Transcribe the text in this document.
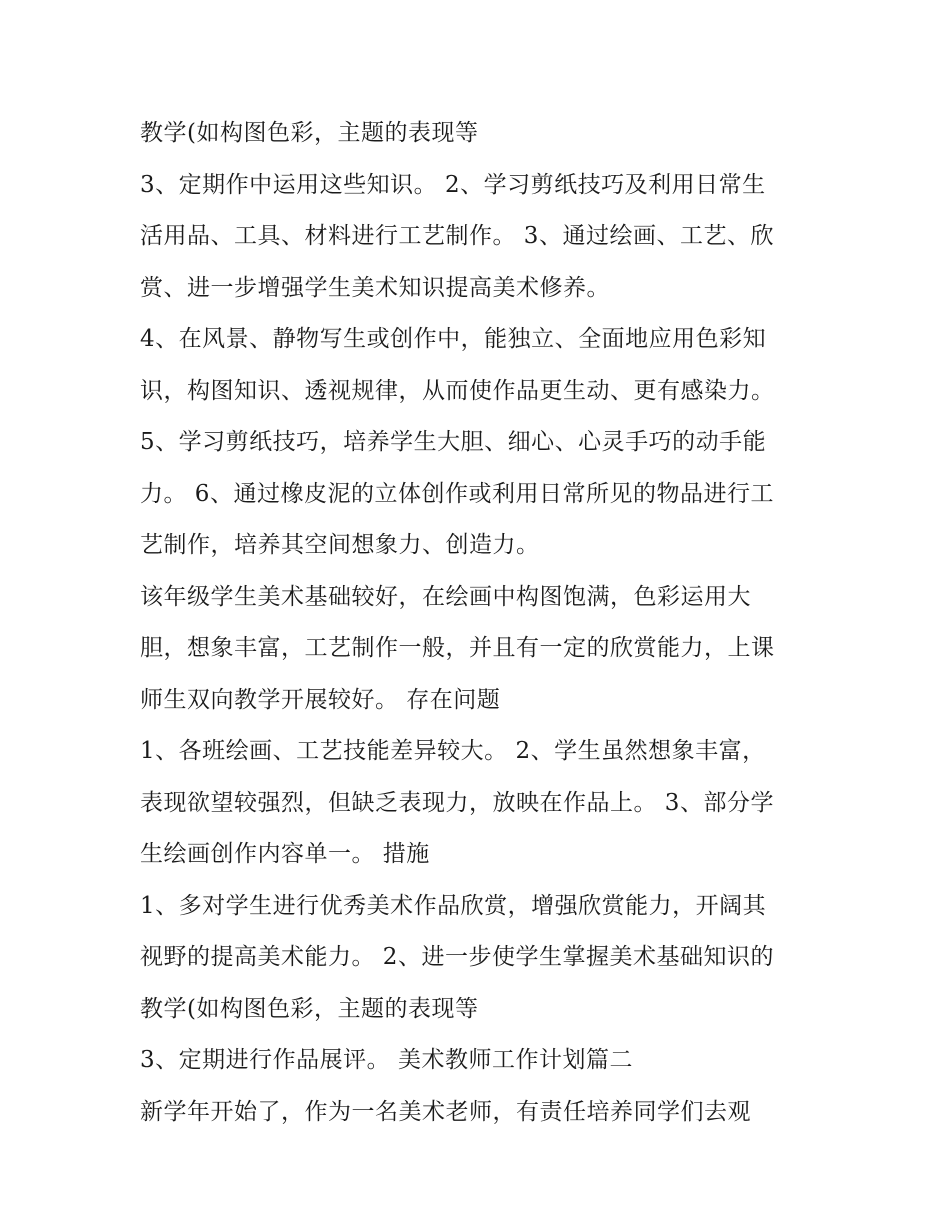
教学(如构图色彩，主题的表现等
3、定期作中运用这些知识。 2、学习剪纸技巧及利用日常生
活用品、工具、材料进行工艺制作。 3、通过绘画、工艺、欣
赏、进一步增强学生美术知识提高美术修养。
4、在风景、静物写生或创作中，能独立、全面地应用色彩知
识，构图知识、透视规律，从而使作品更生动、更有感染力。
5、学习剪纸技巧，培养学生大胆、细心、心灵手巧的动手能
力。 6、通过橡皮泥的立体创作或利用日常所见的物品进行工
艺制作，培养其空间想象力、创造力。
该年级学生美术基础较好，在绘画中构图饱满，色彩运用大
胆，想象丰富，工艺制作一般，并且有一定的欣赏能力，上课
师生双向教学开展较好。 存在问题
1、各班绘画、工艺技能差异较大。 2、学生虽然想象丰富，
表现欲望较强烈，但缺乏表现力，放映在作品上。 3、部分学
生绘画创作内容单一。 措施
1、多对学生进行优秀美术作品欣赏，增强欣赏能力，开阔其
视野的提高美术能力。 2、进一步使学生掌握美术基础知识的
教学(如构图色彩，主题的表现等
3、定期进行作品展评。 美术教师工作计划篇二
新学年开始了，作为一名美术老师，有责任培养同学们去观
